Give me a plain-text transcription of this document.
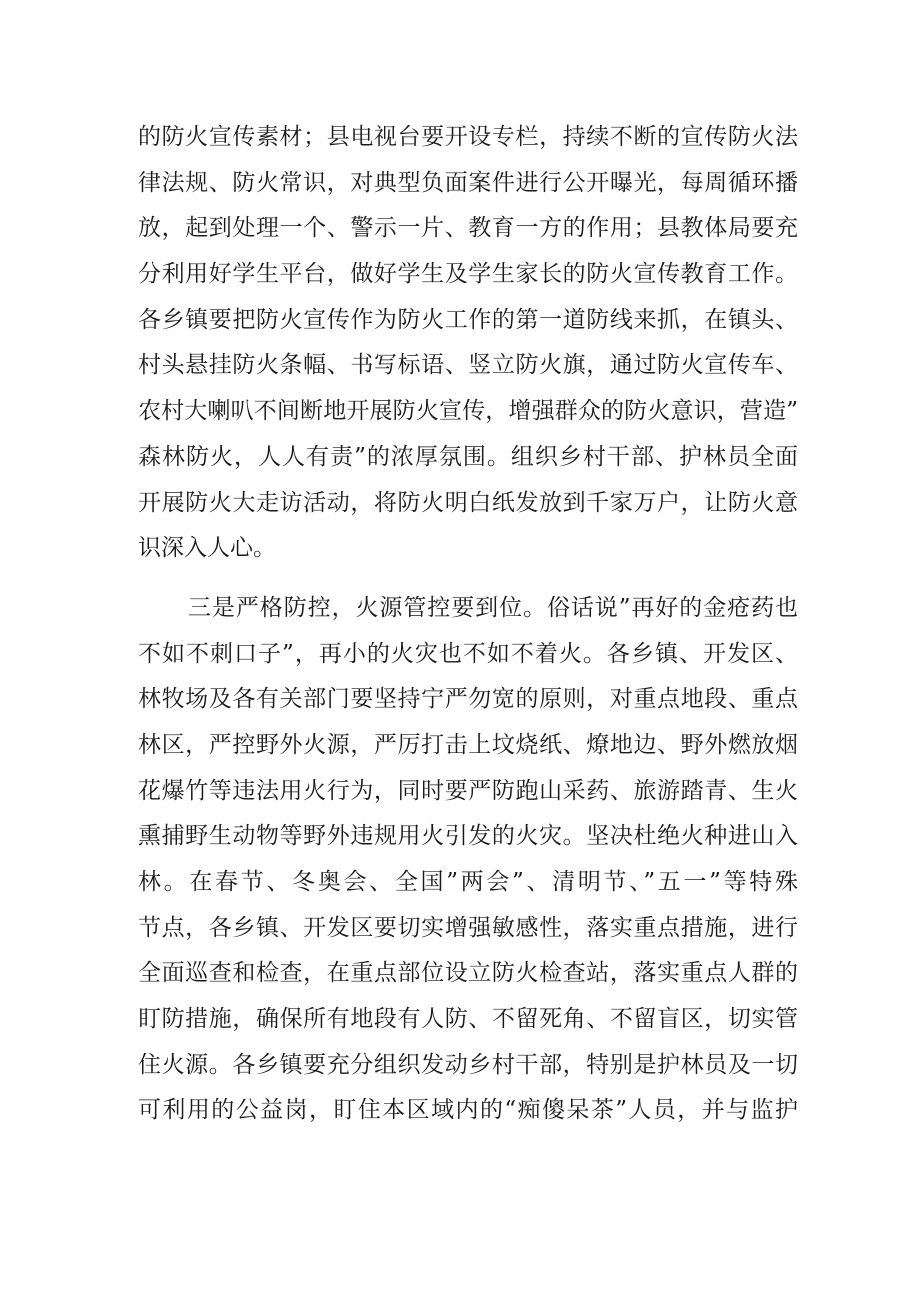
的防火宣传素材；县电视台要开设专栏，持续不断的宣传防火法
律法规、防火常识，对典型负面案件进行公开曝光，每周循环播
放，起到处理一个、警示一片、教育一方的作用；县教体局要充
分利用好学生平台，做好学生及学生家长的防火宣传教育工作。
各乡镇要把防火宣传作为防火工作的第一道防线来抓，在镇头、
村头悬挂防火条幅、书写标语、竖立防火旗，通过防火宣传车、
农村大喇叭不间断地开展防火宣传，增强群众的防火意识，营造”
森林防火，人人有责”的浓厚氛围。组织乡村干部、护林员全面
开展防火大走访活动，将防火明白纸发放到千家万户，让防火意
识深入人心。
三是严格防控，火源管控要到位。俗话说”再好的金疮药也
不如不刺口子”，再小的火灾也不如不着火。各乡镇、开发区、
林牧场及各有关部门要坚持宁严勿宽的原则，对重点地段、重点
林区，严控野外火源，严厉打击上坟烧纸、燎地边、野外燃放烟
花爆竹等违法用火行为，同时要严防跑山采药、旅游踏青、生火
熏捕野生动物等野外违规用火引发的火灾。坚决杜绝火种进山入
林。在春节、冬奥会、全国”两会”、清明节、”五一”等特殊
节点，各乡镇、开发区要切实增强敏感性，落实重点措施，进行
全面巡查和检查，在重点部位设立防火检查站，落实重点人群的
盯防措施，确保所有地段有人防、不留死角、不留盲区，切实管
住火源。各乡镇要充分组织发动乡村干部，特别是护林员及一切
可利用的公益岗，盯住本区域内的“痴傻呆茶”人员，并与监护
